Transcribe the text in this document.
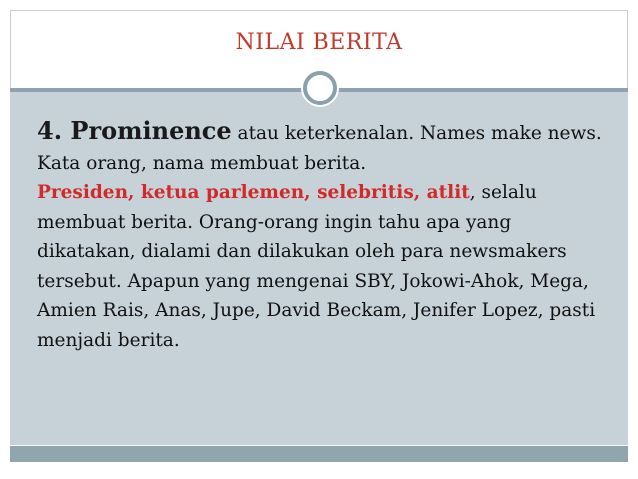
NILAI BERITA

4. Prominence atau keterkenalan. Names make news. Kata orang, nama membuat berita.
Presiden, ketua parlemen, selebritis, atlit, selalu membuat berita. Orang-orang ingin tahu apa yang dikatakan, dialami dan dilakukan oleh para newsmakers tersebut. Apapun yang mengenai SBY, Jokowi-Ahok, Mega, Amien Rais, Anas, Jupe, David Beckam, Jenifer Lopez, pasti menjadi berita.
